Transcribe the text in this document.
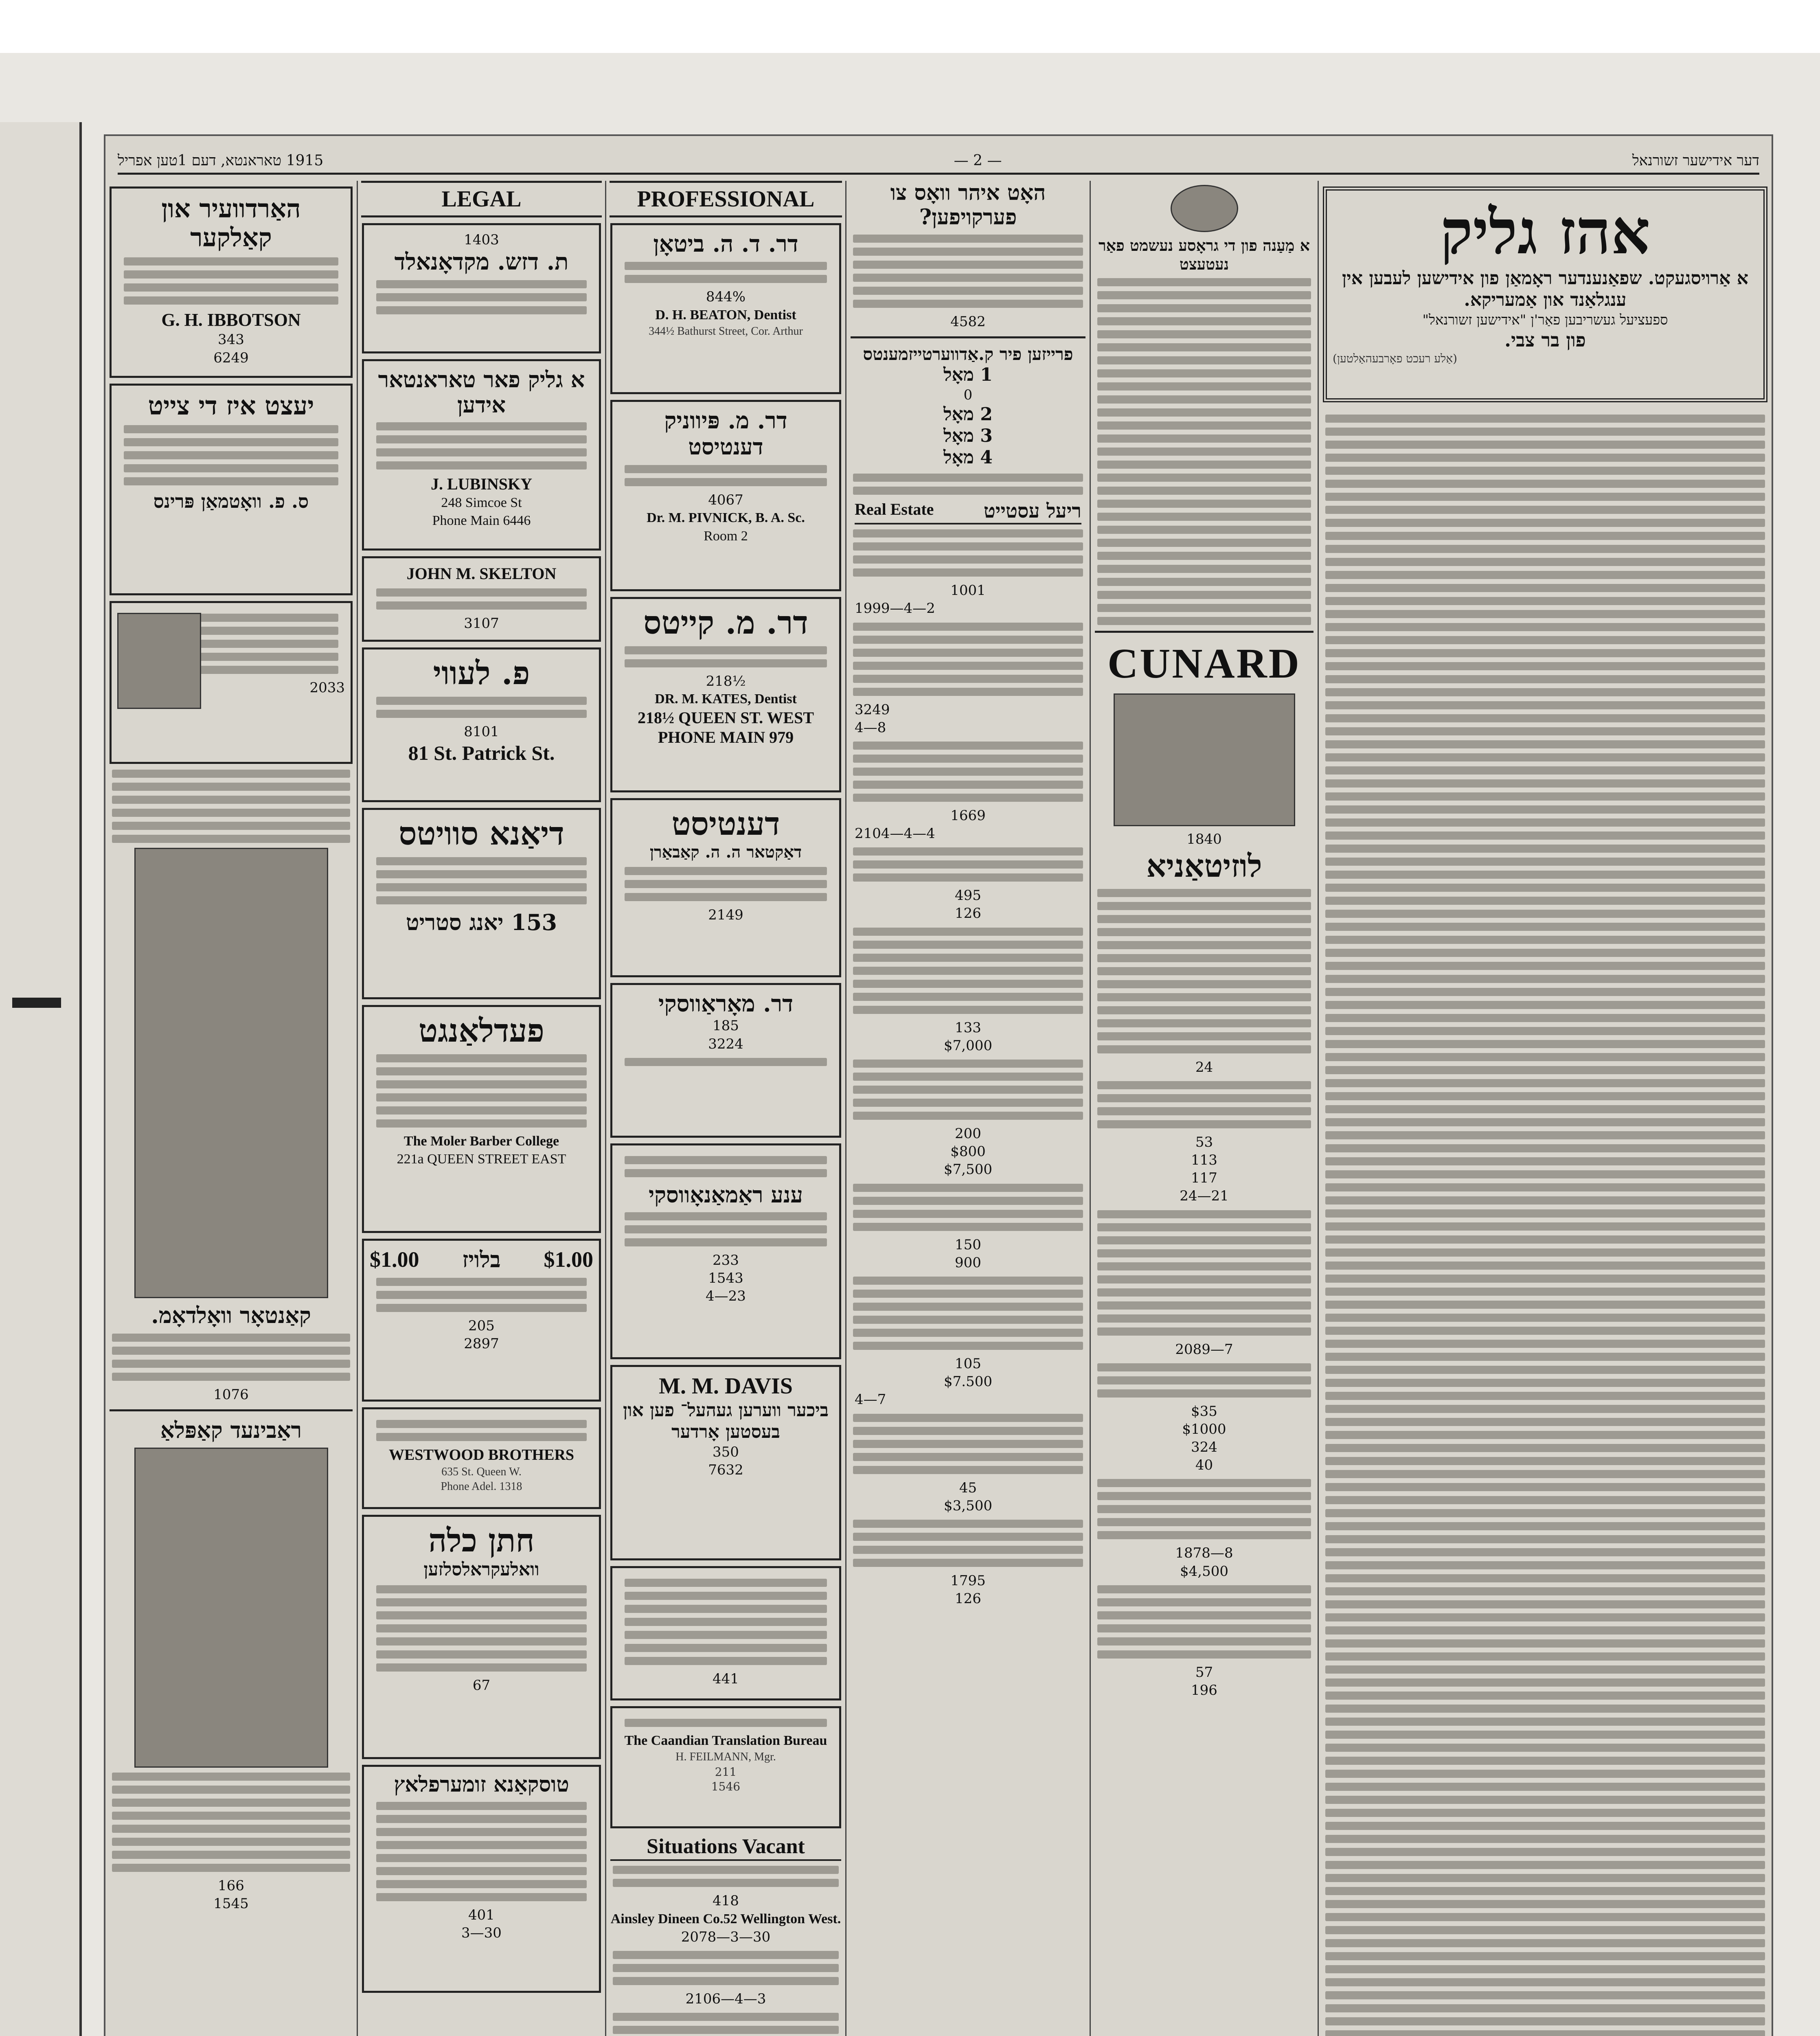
1915 טאראנטא, דעם 1טען אפריל	— 2 —	דער אידישער זשורנאל
האַרדוועיר און קאַלקער
G. H. IBBOTSON
343
6249
יעצט איז די צייט
ס. פ. וואָטמאַן פּרינס
2033
קאַנטאָר וואָלדאָמ.
1076
ראַבינעד קאַפּלאַ
166
1545
LEGAL
1403
ת. דזש. מקדאָנאלד
א גליק פאר טאראנטאר אידען
J. LUBINSKY
248 Simcoe St
Phone Main 6446
JOHN M. SKELTON
3107
פ. לעווי
8101
81 St. Patrick St.
דיאַנא סוויטס
153 יאנג סטריט
פעדלאַנגט
The Moler Barber College
221a QUEEN STREET EAST
$1.00 בלויז $1.00
205
2897
WESTWOOD BROTHERS
635 St. Queen W.
Phone Adel. 1318
חתן כלה
וואלעקראלסלזען
67
טוסקאַנא זומערפלאץ
401
3—30
PROFESSIONAL
דר. ד. ה. ביטאָן
844%
D. H. BEATON, Dentist
344½ Bathurst Street, Cor. Arthur
דר. מ. פּיווניק
דענטיסט
4067
Dr. M. PIVNICK, B. A. Sc.
Room 2
דר. מ. קייטס
218½
DR. M. KATES, Dentist
218½ QUEEN ST. WEST
PHONE MAIN 979
דענטיסט
דאַקטאר ה. ה. קאַבאַרן
2149
דר. מאָראַווסקי
185
3224
ענע ראַמאַנאָווסקי
233
1543
4—23
M. M. DAVIS
ביכער ווערען געהעל־ פען און בעסטען אָרדער
350
7632
441
The Caandian Translation Bureau
H. FEILMANN, Mgr.
211
1546
Situations Vacant
418
Ainsley Dineen Co.52 Wellington West.
2078—3—30
2106—4—3
האָט איהר וואָס צו פערקויפען?
4582
פרייזען פיר ק.אַדווערטייזמענטס
1 מאָל
0
2 מאָל
3 מאָל
4 מאָל
Real Estate	ריעל עסטייט
1001
1999—4—2
3249
4—8
1669
2104—4—4
495
126
133
$7,000
200
$800
$7,500
150
900
105
$7.500
4—7
45
$3,500
1795
126
א מַעַנה פון די גראָסע נעשמט פאַר נעטעצט
CUNARD
1840
לוזיטאַניא
24
53
113
117
24—21
2089—7
$35
$1000
324
40
1878—8
$4,500
57
196
אהז גליק
א אַרויסגעקט. שפאַנענדער ראָמאַן פון אידישען לעבען אין ענגלאַנד און אַמעריקא.
ספעציעל געשריבען פאַר'ן "אידישען זשורנאל"
פון בר צבי.
(אַלע רעכט פאָרבעהאַלטען)
